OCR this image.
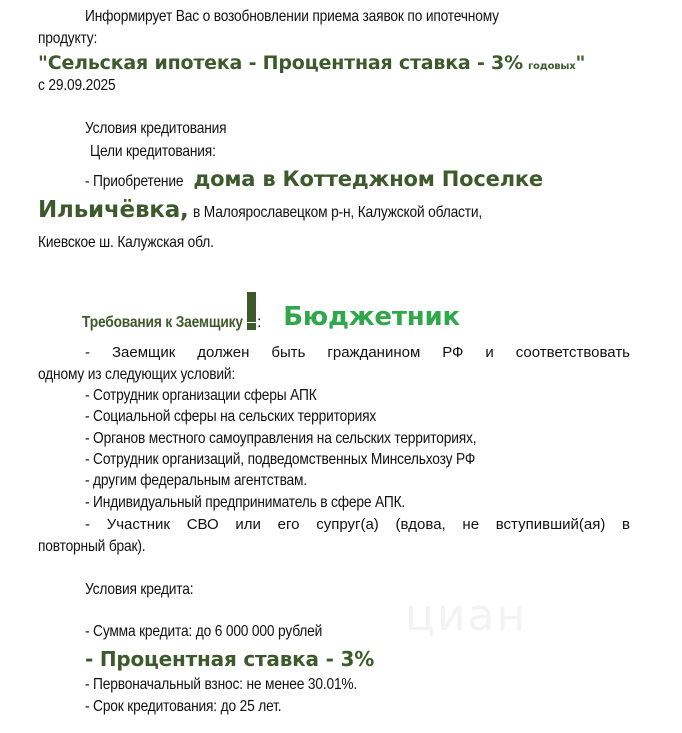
циан
Информирует Вас о возобновлении приема заявок по ипотечному
продукту:
"Сельская ипотека - Процентная ставка - 3% годовых"
с 29.09.2025
Условия кредитования
Цели кредитования:
- Приобретение дома в Коттеджном Поселке
Ильичёвка, в Малоярославецком р-н, Калужской области,
Киевское ш. Калужская обл.
Требования к Заемщику : Бюджетник
- Заемщик должен быть гражданином РФ и соответствовать
одному из следующих условий:
- Сотрудник организации сферы АПК
- Социальной сферы на сельских территориях
- Органов местного самоуправления на сельских территориях,
- Сотрудник организаций, подведомственных Минсельхозу РФ
- другим федеральным агентствам.
- Индивидуальный предприниматель в сфере АПК.
- Участник СВО или его супруг(а) (вдова, не вступивший(ая) в
повторный брак).
Условия кредита:
- Сумма кредита: до 6 000 000 рублей
- Процентная ставка - 3%
- Первоначальный взнос: не менее 30.01%.
- Срок кредитования: до 25 лет.
